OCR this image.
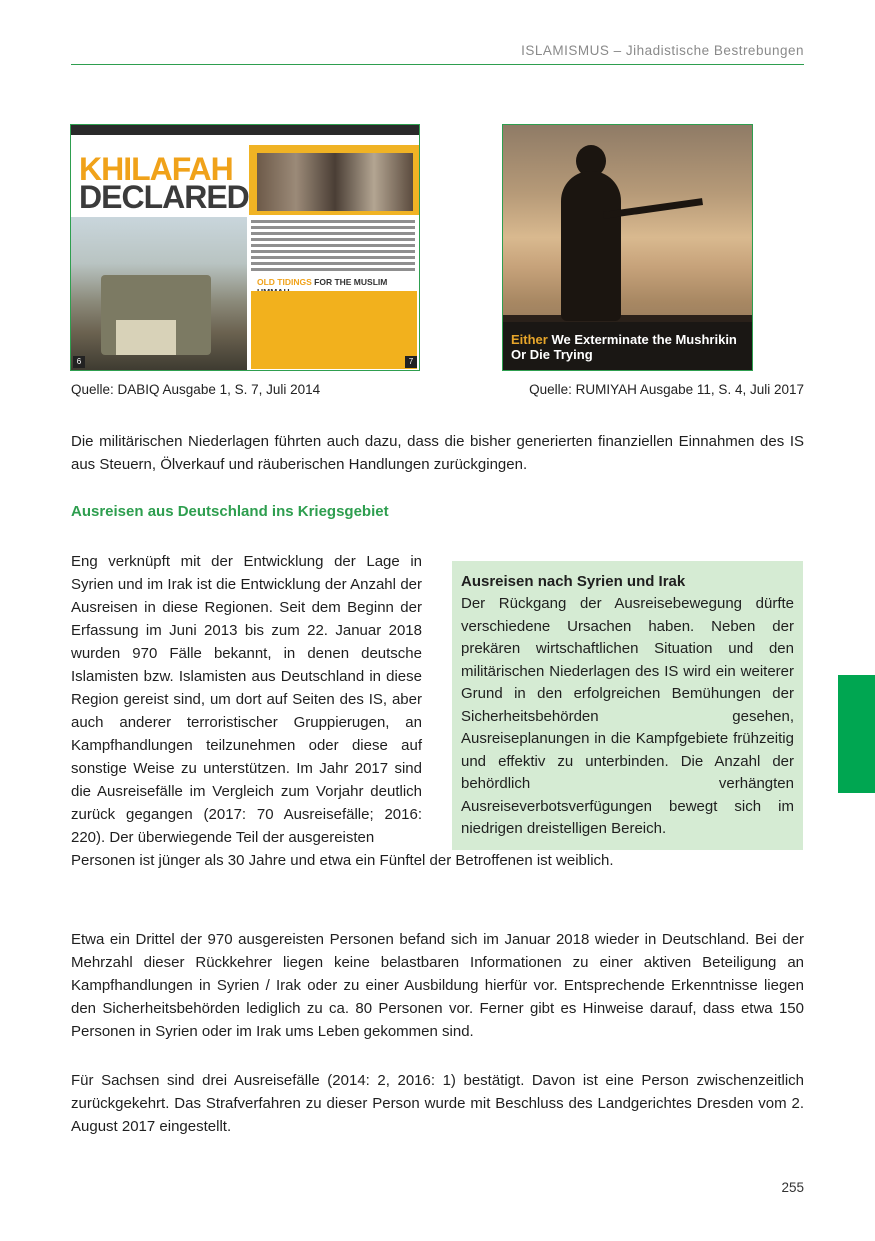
ISLAMISMUS – Jihadistische Bestrebungen
KHILAFAH
DECLARED
OLD TIDINGS FOR THE MUSLIM
6	7
Either We Exterminate the Mushrikin
Or Die Trying
Quelle: DABIQ Ausgabe 1, S. 7, Juli 2014	Quelle: RUMIYAH Ausgabe 11, S. 4, Juli 2017

Die militärischen Niederlagen führten auch dazu, dass die bisher generierten finanziellen Einnahmen des IS aus Steuern, Ölverkauf und räuberischen Handlungen zurückgingen.

Ausreisen aus Deutschland ins Kriegsgebiet

Eng verknüpft mit der Entwicklung der Lage in Syrien und im Irak ist die Entwicklung der Anzahl der Ausreisen in diese Regionen. Seit dem Beginn der Erfassung im Juni 2013 bis zum 22. Januar 2018 wurden 970 Fälle bekannt, in denen deutsche Islamisten bzw. Islamisten aus Deutschland in diese Region gereist sind, um dort auf Seiten des IS, aber auch anderer terroristischer Gruppierugen, an Kampfhandlungen teilzunehmen oder diese auf sonstige Weise zu unterstützen. Im Jahr 2017 sind die Ausreisefälle im Vergleich zum Vorjahr deutlich zurück gegangen (2017: 70 Ausreisefälle; 2016: 220). Der überwiegende Teil der ausgereisten
Personen ist jünger als 30 Jahre und etwa ein Fünftel der Betroffenen ist weiblich.

Ausreisen nach Syrien und Irak

Der Rückgang der Ausreisebewegung dürfte verschiedene Ursachen haben. Neben der prekären wirtschaftlichen Situation und den militärischen Niederlagen des IS wird ein weiterer Grund in den erfolgreichen Bemühungen der Sicherheitsbehörden gesehen, Ausreiseplanungen in die Kampfgebiete frühzeitig und effektiv zu unterbinden. Die Anzahl der behördlich verhängten Ausreiseverbotsverfügungen bewegt sich im niedrigen dreistelligen Bereich.

Etwa ein Drittel der 970 ausgereisten Personen befand sich im Januar 2018 wieder in Deutschland. Bei der Mehrzahl dieser Rückkehrer liegen keine belastbaren Informationen zu einer aktiven Beteiligung an Kampfhandlungen in Syrien / Irak oder zu einer Ausbildung hierfür vor. Entsprechende Erkenntnisse liegen den Sicherheitsbehörden lediglich zu ca. 80 Personen vor. Ferner gibt es Hinweise darauf, dass etwa 150 Personen in Syrien oder im Irak ums Leben gekommen sind.

Für Sachsen sind drei Ausreisefälle (2014: 2, 2016: 1) bestätigt. Davon ist eine Person zwischenzeitlich zurückgekehrt. Das Strafverfahren zu dieser Person wurde mit Beschluss des Landgerichtes Dresden vom 2. August 2017 eingestellt.

255
